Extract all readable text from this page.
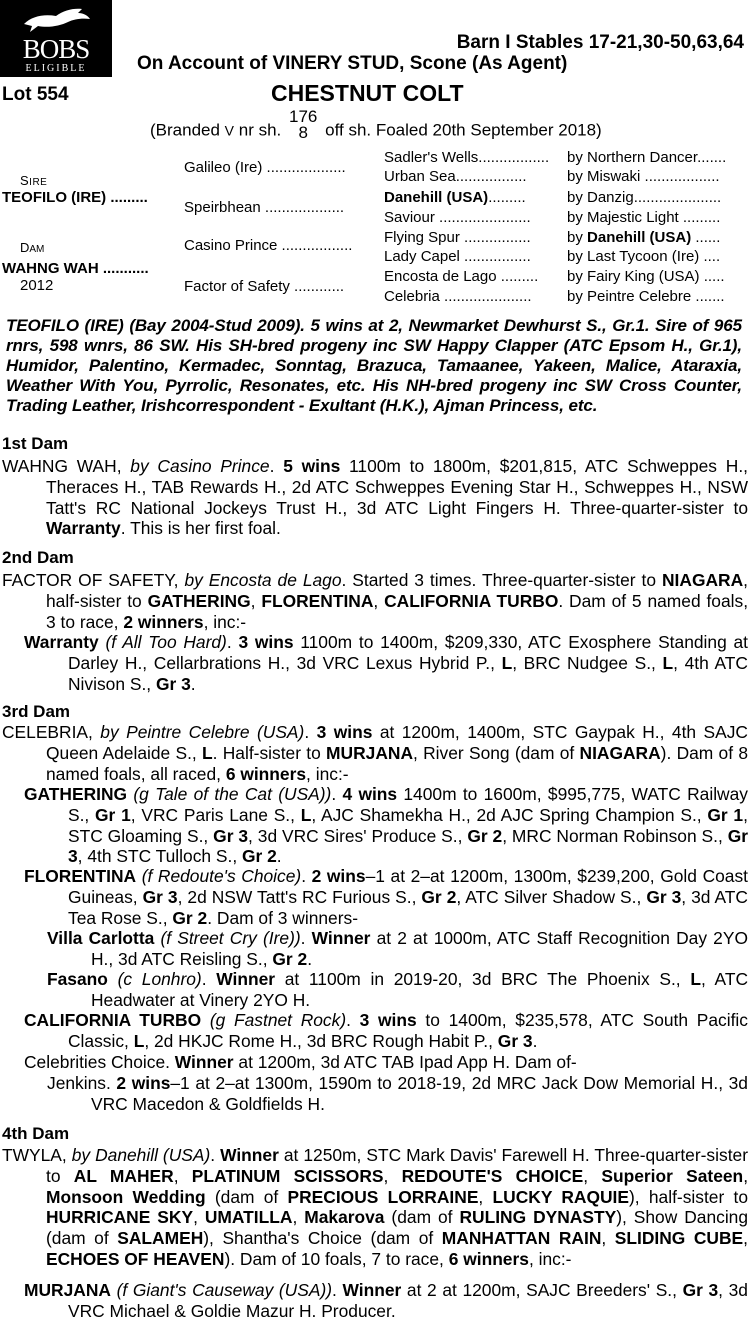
BOBS
ELIGIBLE
Barn I Stables 17-21,30-50,63,64
On Account of VINERY STUD, Scone (As Agent)
Lot 554	CHESTNUT COLT
(Branded V nr sh.
176
8	off sh. Foaled 20th September 2018)
SIRE
TEOFILO (IRE) .........
DAM
WAHNG WAH ...........
2012
Galileo (Ire) ...................
Speirbhean ...................
Casino Prince .................
Factor of Safety ............
Sadler's Wells................. by Northern Dancer.......
Urban Sea.................	by Miswaki ..................
Danehill (USA).........	by Danzig.....................
Saviour ...................... by Majestic Light .........
Flying Spur ................ by Danehill (USA) ......
Lady Capel ................ by Last Tycoon (Ire) ....
Encosta de Lago ......... by Fairy King (USA) .....
Celebria ..................... by Peintre Celebre .......
TEOFILO (IRE) (Bay 2004-Stud 2009). 5 wins at 2, Newmarket Dewhurst S., Gr.1. Sire of 965 rnrs, 598 wnrs, 86 SW. His SH-bred progeny inc SW Happy Clapper (ATC Epsom H., Gr.1), Humidor, Palentino, Kermadec, Sonntag, Brazuca, Tamaanee, Yakeen, Malice, Ataraxia, Weather With You, Pyrrolic, Resonates, etc. His NH-bred progeny inc SW Cross Counter, Trading Leather, Irishcorrespondent - Exultant (H.K.), Ajman Princess, etc.
1st Dam
WAHNG WAH, by Casino Prince. 5 wins 1100m to 1800m, $201,815, ATC Schweppes H., Theraces H., TAB Rewards H., 2d ATC Schweppes Evening Star H., Schweppes H., NSW Tatt's RC National Jockeys Trust H., 3d ATC Light Fingers H. Three-quarter-sister to Warranty. This is her first foal.
2nd Dam
FACTOR OF SAFETY, by Encosta de Lago. Started 3 times. Three-quarter-sister to NIAGARA, half-sister to GATHERING, FLORENTINA, CALIFORNIA TURBO. Dam of 5 named foals, 3 to race, 2 winners, inc:-
Warranty (f All Too Hard). 3 wins 1100m to 1400m, $209,330, ATC Exosphere Standing at Darley H., Cellarbrations H., 3d VRC Lexus Hybrid P., L, BRC Nudgee S., L, 4th ATC Nivison S., Gr 3.
3rd Dam
CELEBRIA, by Peintre Celebre (USA). 3 wins at 1200m, 1400m, STC Gaypak H., 4th SAJC Queen Adelaide S., L. Half-sister to MURJANA, River Song (dam of NIAGARA). Dam of 8 named foals, all raced, 6 winners, inc:-
GATHERING (g Tale of the Cat (USA)). 4 wins 1400m to 1600m, $995,775, WATC Railway S., Gr 1, VRC Paris Lane S., L, AJC Shamekha H., 2d AJC Spring Champion S., Gr 1, STC Gloaming S., Gr 3, 3d VRC Sires' Produce S., Gr 2, MRC Norman Robinson S., Gr 3, 4th STC Tulloch S., Gr 2.
FLORENTINA (f Redoute's Choice). 2 wins–1 at 2–at 1200m, 1300m, $239,200, Gold Coast Guineas, Gr 3, 2d NSW Tatt's RC Furious S., Gr 2, ATC Silver Shadow S., Gr 3, 3d ATC Tea Rose S., Gr 2. Dam of 3 winners-
Villa Carlotta (f Street Cry (Ire)). Winner at 2 at 1000m, ATC Staff Recognition Day 2YO H., 3d ATC Reisling S., Gr 2.
Fasano (c Lonhro). Winner at 1100m in 2019-20, 3d BRC The Phoenix S., L, ATC Headwater at Vinery 2YO H.
CALIFORNIA TURBO (g Fastnet Rock). 3 wins to 1400m, $235,578, ATC South Pacific Classic, L, 2d HKJC Rome H., 3d BRC Rough Habit P., Gr 3.
Celebrities Choice. Winner at 1200m, 3d ATC TAB Ipad App H. Dam of-
Jenkins. 2 wins–1 at 2–at 1300m, 1590m to 2018-19, 2d MRC Jack Dow Memorial H., 3d VRC Macedon & Goldfields H.
4th Dam
TWYLA, by Danehill (USA). Winner at 1250m, STC Mark Davis' Farewell H. Three-quarter-sister to AL MAHER, PLATINUM SCISSORS, REDOUTE'S CHOICE, Superior Sateen, Monsoon Wedding (dam of PRECIOUS LORRAINE, LUCKY RAQUIE), half-sister to HURRICANE SKY, UMATILLA, Makarova (dam of RULING DYNASTY), Show Dancing (dam of SALAMEH), Shantha's Choice (dam of MANHATTAN RAIN, SLIDING CUBE, ECHOES OF HEAVEN). Dam of 10 foals, 7 to race, 6 winners, inc:-
MURJANA (f Giant's Causeway (USA)). Winner at 2 at 1200m, SAJC Breeders' S., Gr 3, 3d VRC Michael & Goldie Mazur H. Producer.
